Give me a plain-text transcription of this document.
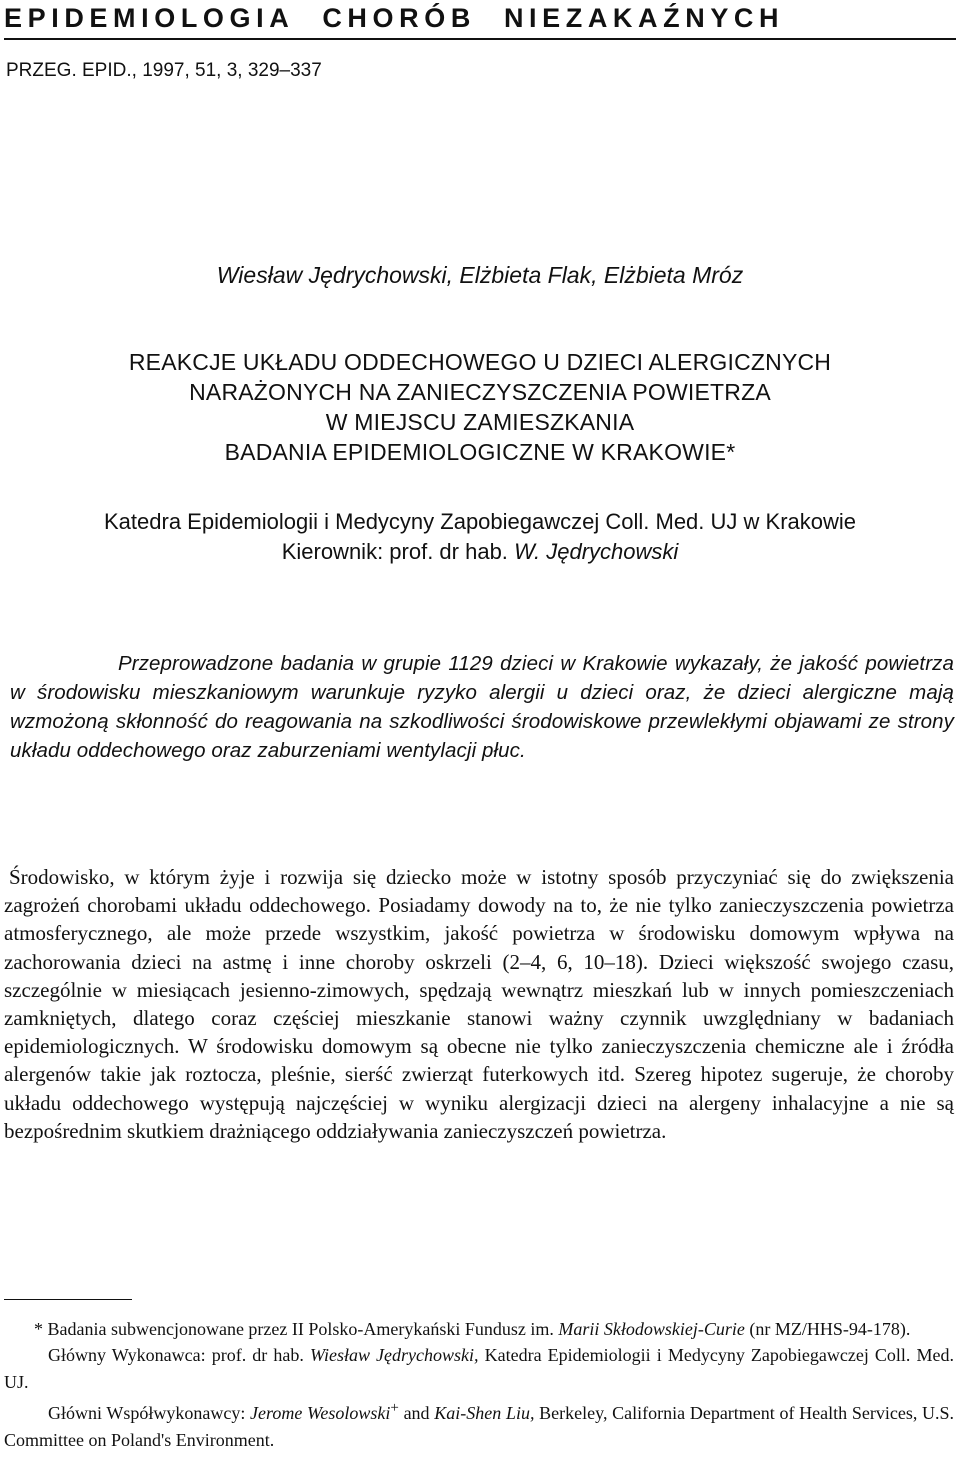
EPIDEMIOLOGIA CHORÓB NIEZAKAŹNYCH
PRZEG. EPID., 1997, 51, 3, 329–337
Wiesław Jędrychowski, Elżbieta Flak, Elżbieta Mróz
REAKCJE UKŁADU ODDECHOWEGO U DZIECI ALERGICZNYCH
NARAŻONYCH NA ZANIECZYSZCZENIA POWIETRZA
W MIEJSCU ZAMIESZKANIA
BADANIA EPIDEMIOLOGICZNE W KRAKOWIE*
Katedra Epidemiologii i Medycyny Zapobiegawczej Coll. Med. UJ w Krakowie
Kierownik: prof. dr hab. W. Jędrychowski

Przeprowadzone badania w grupie 1129 dzieci w Krakowie wykazały, że jakość powietrza w środowisku mieszkaniowym warunkuje ryzyko alergii u dzieci oraz, że dzieci alergiczne mają wzmożoną skłonność do reagowania na szkodliwości środowiskowe przewlekłymi objawami ze strony układu oddechowego oraz zaburzeniami wentylacji płuc.

Środowisko, w którym żyje i rozwija się dziecko może w istotny sposób przyczyniać się do zwiększenia zagrożeń chorobami układu oddechowego. Posiadamy dowody na to, że nie tylko zanieczyszczenia powietrza atmosferycznego, ale może przede wszystkim, jakość powietrza w środowisku domowym wpływa na zachorowania dzieci na astmę i inne choroby oskrzeli (2–4, 6, 10–18). Dzieci większość swojego czasu, szczególnie w miesiącach jesienno-zimowych, spędzają wewnątrz mieszkań lub w innych pomieszczeniach zamkniętych, dlatego coraz częściej mieszkanie stanowi ważny czynnik uwzględniany w badaniach epidemiologicznych. W środowisku domowym są obecne nie tylko zanieczyszczenia chemiczne ale i źródła alergenów takie jak roztocza, pleśnie, sierść zwierząt futerkowych itd. Szereg hipotez sugeruje, że choroby układu oddechowego występują najczęściej w wyniku alergizacji dzieci na alergeny inhalacyjne a nie są bezpośrednim skutkiem drażniącego oddziaływania zanieczyszczeń powietrza.

* Badania subwencjonowane przez II Polsko-Amerykański Fundusz im. Marii Skłodowskiej-Curie (nr MZ/HHS-94-178).

Główny Wykonawca: prof. dr hab. Wiesław Jędrychowski, Katedra Epidemiologii i Medycyny Zapobiegawczej Coll. Med. UJ.

Główni Współwykonawcy: Jerome Wesolowski+ and Kai-Shen Liu, Berkeley, California Department of Health Services, U.S. Committee on Poland's Environment.
